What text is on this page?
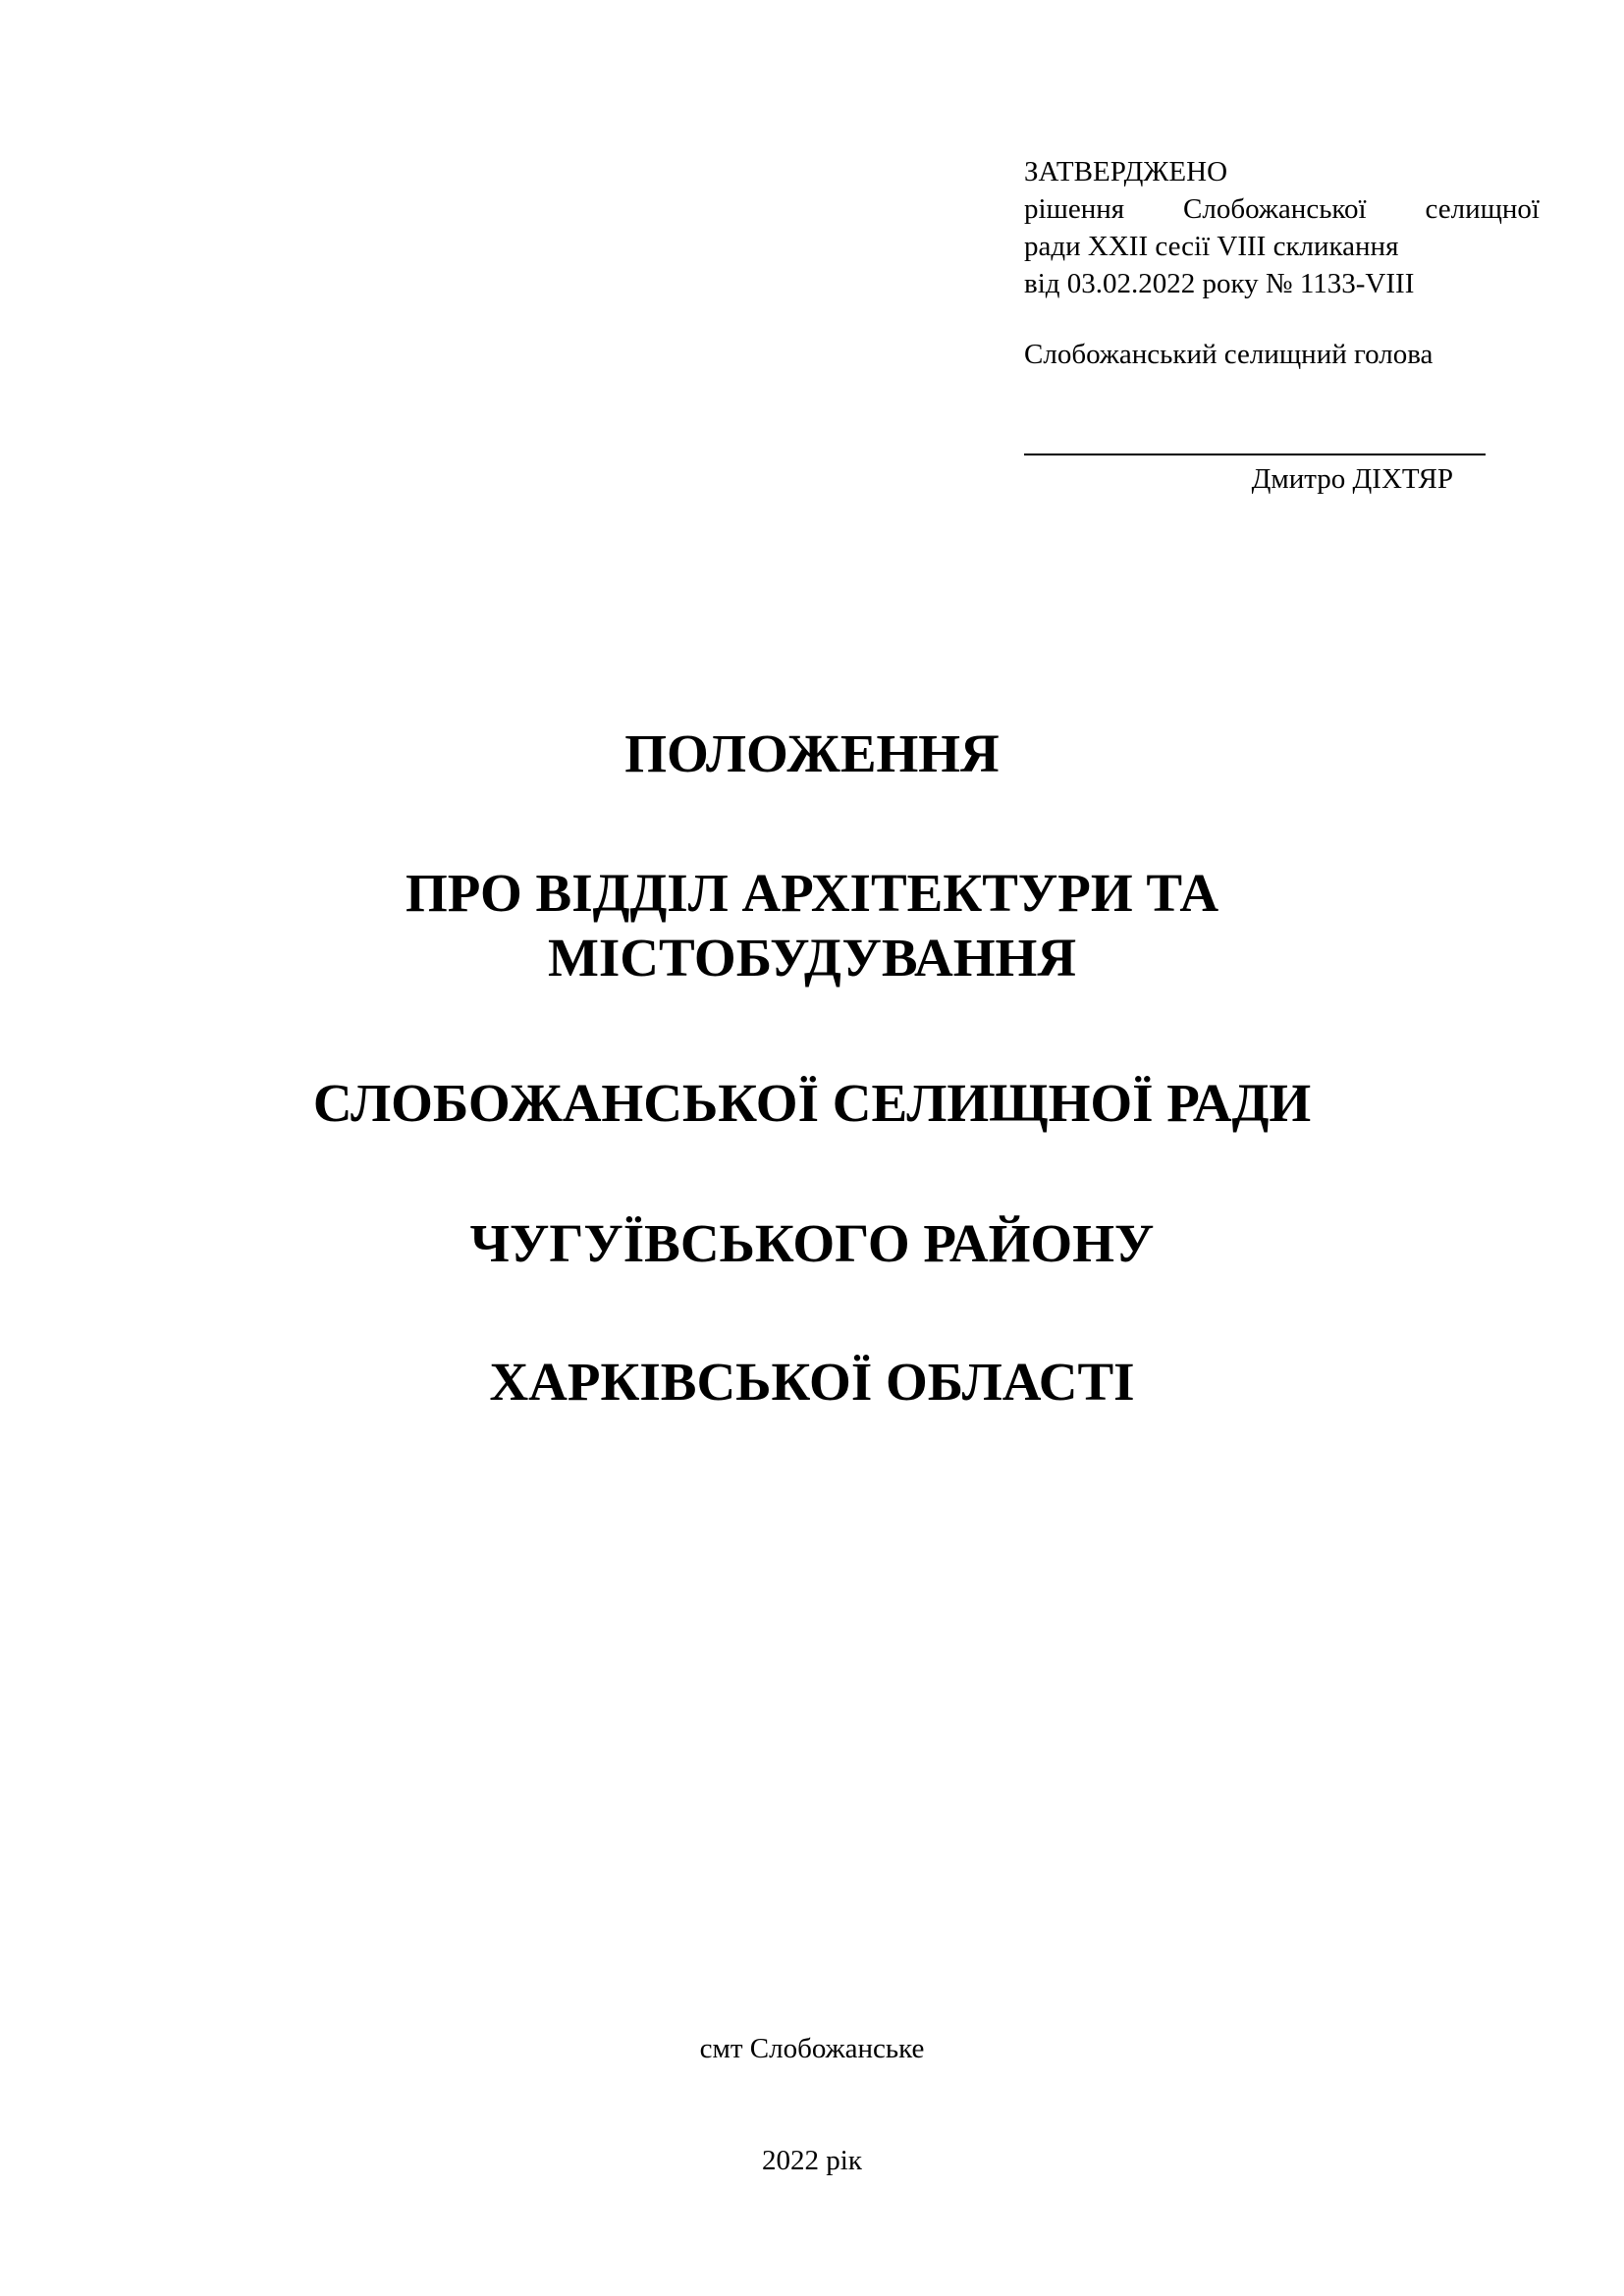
ЗАТВЕРДЖЕНО
рішення Слобожанської селищної
ради XXII сесії VIII скликання
від 03.02.2022 року № 1133-VIII
Слобожанський селищний голова
Дмитро ДІХТЯР
ПОЛОЖЕННЯ
ПРО ВІДДІЛ АРХІТЕКТУРИ ТА
МІСТОБУДУВАННЯ
СЛОБОЖАНСЬКОЇ СЕЛИЩНОЇ РАДИ
ЧУГУЇВСЬКОГО РАЙОНУ
ХАРКІВСЬКОЇ ОБЛАСТІ
смт Слобожанське
2022 рік
